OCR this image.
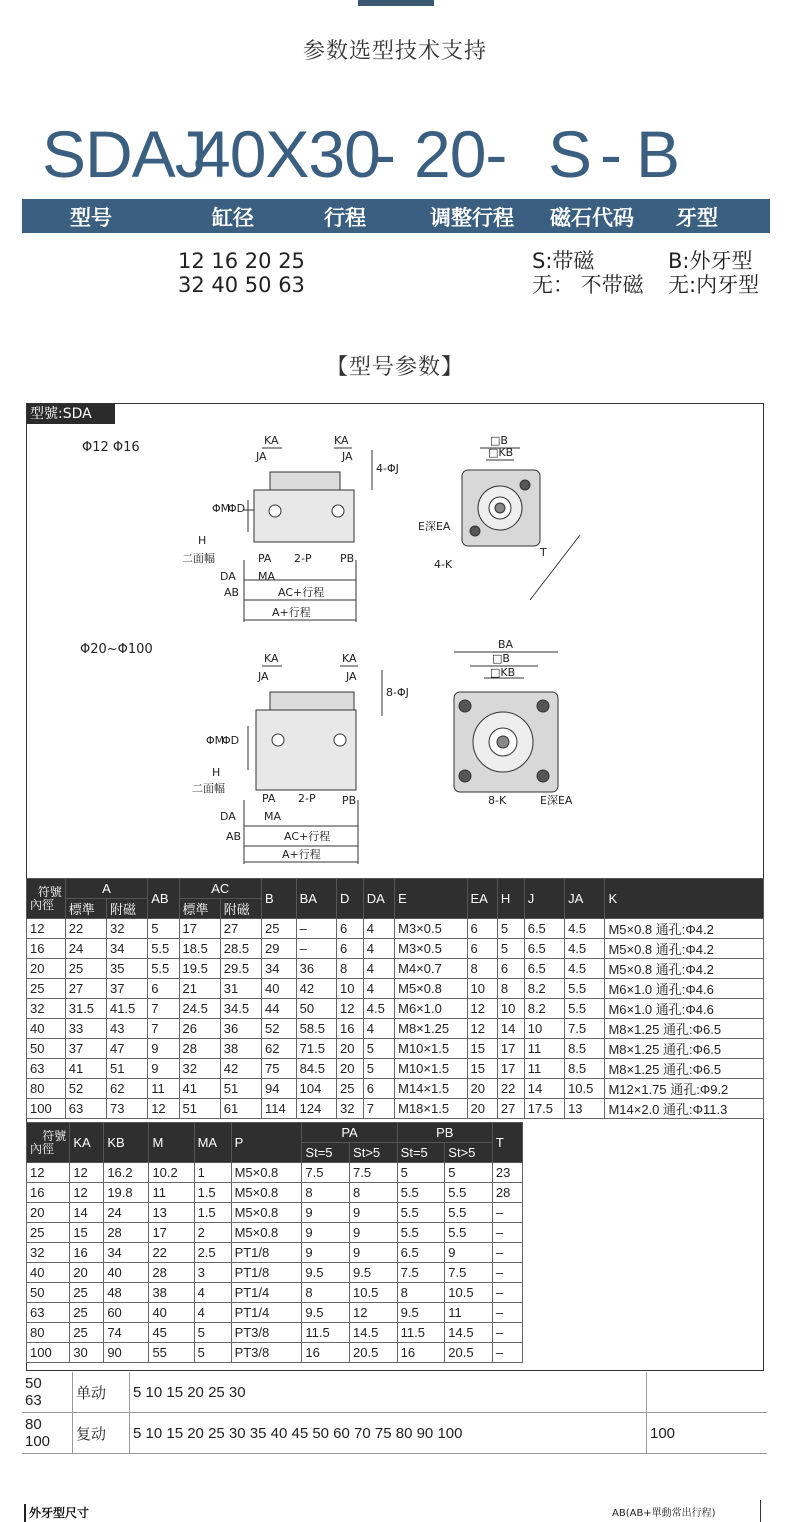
参数选型技术支持
SDAJ
40X30
- 20- S - B
型号	缸径	行程	调整行程 磁石代码 牙型
12 16 20 25
32 40 50 63
S:带磁
无： 不带磁
B:外牙型
无:内牙型
【型号参数】
型號:SDA
Φ12 Φ16
Φ20~Φ100
KA	KA
JA	JA
4-ΦJ
ΦM
ΦD
H
二面幅	PA 2-P	PB
DA MA
AB	AC+行程
A+行程
□B
□KB
E深EA
4-K
T
KA	KA
JA	JA
8-ΦJ
ΦM
ΦD
H
二面幅
PA 2-P PB
DA	MA
AB	AC+行程
A+行程
BA
□B
□KB
8-K	E深EA
符號
內徑	A		AB	AC		B	BA	D	DA	E	EA	H	J	JA	K
	標準	附磁		標準	附磁										
12	22	32	5	17	27	25	–	6	4	M3×0.5	6	5	6.5	4.5	M5×0.8 通孔:Φ4.2
16	24	34	5.5	18.5	28.5	29	–	6	4	M3×0.5	6	5	6.5	4.5	M5×0.8 通孔:Φ4.2
20	25	35	5.5	19.5	29.5	34	36	8	4	M4×0.7	8	6	6.5	4.5	M5×0.8 通孔:Φ4.2
25	27	37	6	21	31	40	42	10	4	M5×0.8	10	8	8.2	5.5	M6×1.0 通孔:Φ4.6
32	31.5	41.5	7	24.5	34.5	44	50	12	4.5	M6×1.0	12	10	8.2	5.5	M6×1.0 通孔:Φ4.6
40	33	43	7	26	36	52	58.5	16	4	M8×1.25	12	14	10	7.5	M8×1.25 通孔:Φ6.5
50	37	47	9	28	38	62	71.5	20	5	M10×1.5	15	17	11	8.5	M8×1.25 通孔:Φ6.5
63	41	51	9	32	42	75	84.5	20	5	M10×1.5	15	17	11	8.5	M8×1.25 通孔:Φ6.5
80	52	62	11	41	51	94	104	25	6	M14×1.5	20	22	14	10.5	M12×1.75 通孔:Φ9.2
100	63	73	12	51	61	114	124	32	7	M18×1.5	20	27	17.5	13	M14×2.0 通孔:Φ11.3
符號
內徑	KA	KB	M	MA	P	PA		PB		T
						St=5	St>5	St=5	St>5	
12	12	16.2	10.2	1	M5×0.8	7.5	7.5	5	5	23
16	12	19.8	11	1.5	M5×0.8	8	8	5.5	5.5	28
20	14	24	13	1.5	M5×0.8	9	9	5.5	5.5	–
25	15	28	17	2	M5×0.8	9	9	5.5	5.5	–
32	16	34	22	2.5	PT1/8	9	9	6.5	9	–
40	20	40	28	3	PT1/8	9.5	9.5	7.5	7.5	–
50	25	48	38	4	PT1/4	8	10.5	8	10.5	–
63	25	60	40	4	PT1/4	9.5	12	9.5	11	–
80	25	74	45	5	PT3/8	11.5	14.5	11.5	14.5	–
100	30	90	55	5	PT3/8	16	20.5	16	20.5	–
50
63	单动	5 10 15 20 25 30	

80
100	复动	5 10 15 20 25 30 35 40 45 50 60 70 75 80 90 100	100
外牙型尺寸	AB(AB+單動常出行程)
